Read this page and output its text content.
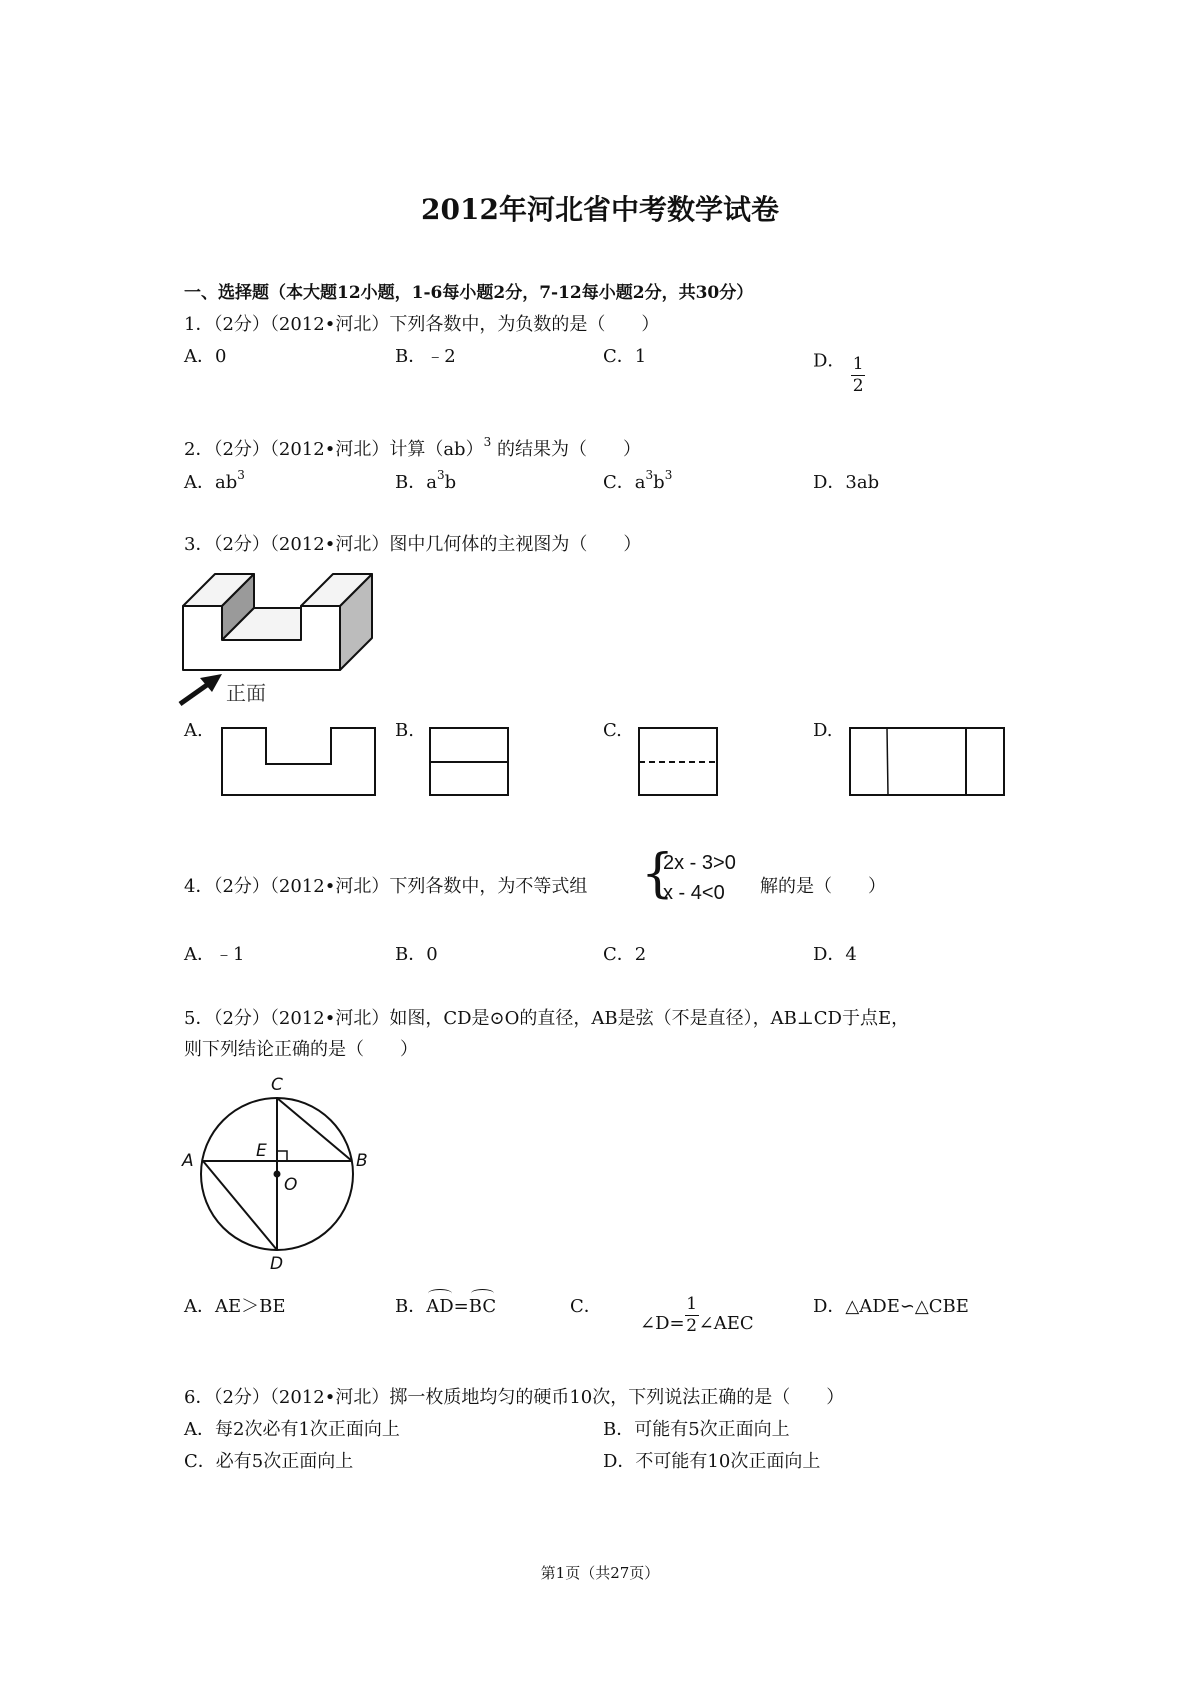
2012年河北省中考数学试卷
一、选择题（本大题12小题，1-6每小题2分，7-12每小题2分，共30分）
1．（2分）（2012•河北）下列各数中，为负数的是（　　）
A．0	B．﹣2	C．1	D． $\frac{1}{2}$
2．（2分）（2012•河北）计算（ab）$^3$ 的结果为（　　）
A．$ab^3$	B．$a^3b$	C．$a^3b^3$	D．3ab
3．（2分）（2012•河北）图中几何体的主视图为（　　）
正面
A.	B.	C.	D.
4．（2分）（2012•河北）下列各数中，为不等式组 {
2x - 3>0
x - 4<0 解的是（　　）
A．﹣1	B．0	C．2	D．4
5．（2分）（2012•河北）如图，CD是⊙O的直径，AB是弦（不是直径），AB⊥CD于点E，
则下列结论正确的是（　　）
C
A	B
E
O
D
A．AE＞BE	B．AD=BC	C．
∠D= $\frac{1}{2}$ ∠AEC
D．△ADE∽△CBE
6．（2分）（2012•河北）掷一枚质地均匀的硬币10次，下列说法正确的是（　　）
A．每2次必有1次正面向上	B．可能有5次正面向上
C．必有5次正面向上	D．不可能有10次正面向上
第1页（共27页）
